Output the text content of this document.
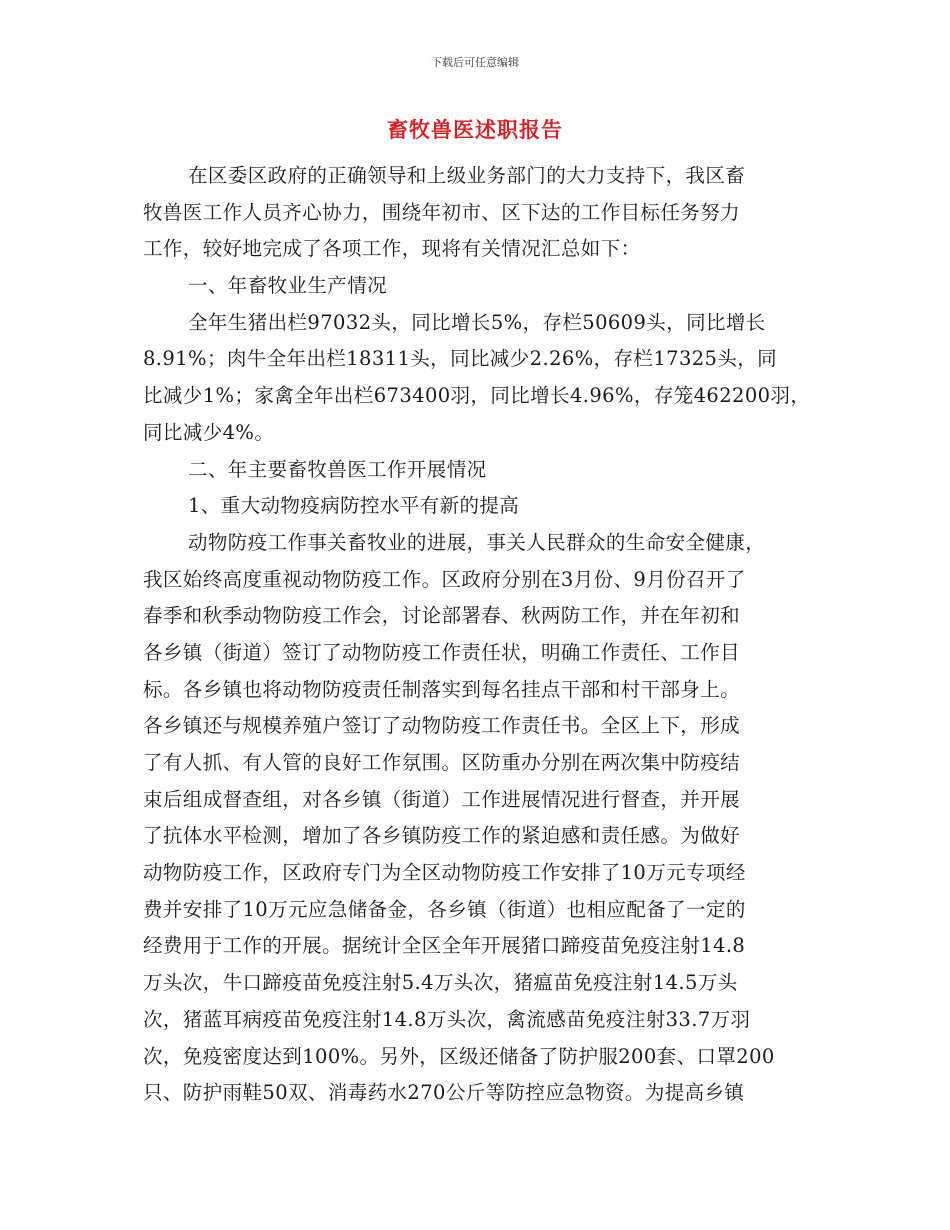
下载后可任意编辑
畜牧兽医述职报告
在区委区政府的正确领导和上级业务部门的大力支持下，我区畜
牧兽医工作人员齐心协力，围绕年初市、区下达的工作目标任务努力
工作，较好地完成了各项工作，现将有关情况汇总如下：
一、年畜牧业生产情况
全年生猪出栏97032头，同比增长5%，存栏50609头，同比增长
8.91%；肉牛全年出栏18311头，同比减少2.26%，存栏17325头，同
比减少1%；家禽全年出栏673400羽，同比增长4.96%，存笼462200羽，
同比减少4%。
二、年主要畜牧兽医工作开展情况
1、重大动物疫病防控水平有新的提高
动物防疫工作事关畜牧业的进展，事关人民群众的生命安全健康，
我区始终高度重视动物防疫工作。区政府分别在3月份、9月份召开了
春季和秋季动物防疫工作会，讨论部署春、秋两防工作，并在年初和
各乡镇（街道）签订了动物防疫工作责任状，明确工作责任、工作目
标。各乡镇也将动物防疫责任制落实到每名挂点干部和村干部身上。
各乡镇还与规模养殖户签订了动物防疫工作责任书。全区上下，形成
了有人抓、有人管的良好工作氛围。区防重办分别在两次集中防疫结
束后组成督查组，对各乡镇（街道）工作进展情况进行督查，并开展
了抗体水平检测，增加了各乡镇防疫工作的紧迫感和责任感。为做好
动物防疫工作，区政府专门为全区动物防疫工作安排了10万元专项经
费并安排了10万元应急储备金，各乡镇（街道）也相应配备了一定的
经费用于工作的开展。据统计全区全年开展猪口蹄疫苗免疫注射14.8
万头次，牛口蹄疫苗免疫注射5.4万头次，猪瘟苗免疫注射14.5万头
次，猪蓝耳病疫苗免疫注射14.8万头次，禽流感苗免疫注射33.7万羽
次，免疫密度达到100%。另外，区级还储备了防护服200套、口罩200
只、防护雨鞋50双、消毒药水270公斤等防控应急物资。为提高乡镇
